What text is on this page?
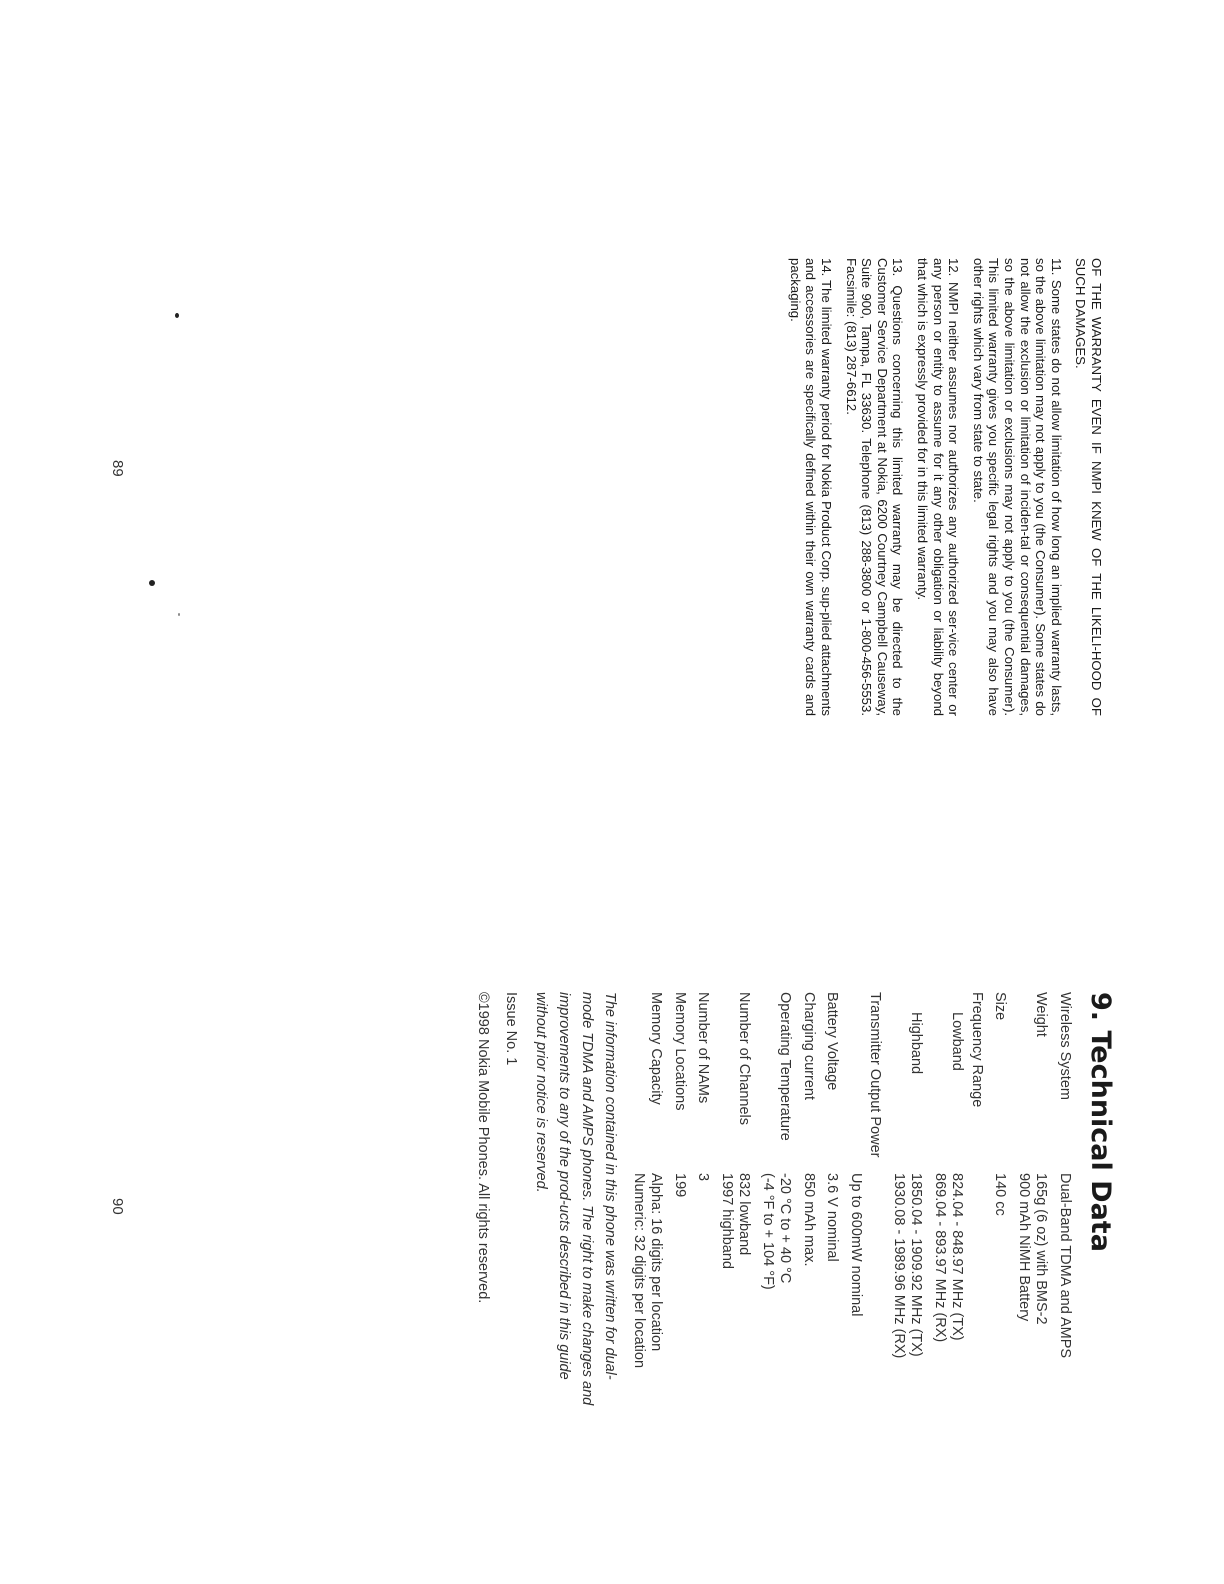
OF THE WARRANTY EVEN IF NMPI KNEW OF THE LIKELI-HOOD OF SUCH DAMAGES.

11. Some states do not allow limitation of how long an implied warranty lasts, so the above limitation may not apply to you (the Consumer). Some states do not allow the exclusion or limitation of inciden-tal or consequential damages, so the above limitation or exclusions may not apply to you (the Consumer). This limited warranty gives you specific legal rights and you may also have other rights which vary from state to state.

12. NMPI neither assumes nor authorizes any authorized ser-vice center or any person or entity to assume for it any other obligation or liability beyond that which is expressly provided for in this limited warranty.

13. Questions concerning this limited warranty may be directed to the Customer Service Department at Nokia, 6200 Courtney Campbell Causeway, Suite 900, Tampa, FL 33630. Telephone (813) 288-3800 or 1-800-456-5553. Facsimile: (813) 287-6612.

14. The limited warranty period for Nokia Product Corp. sup-plied attachments and accessories are specifically defined within their own warranty cards and packaging.

89
9. Technical Data
Wireless System
Dual-Band TDMA and AMPS
Weight
165g (6 oz) with BMS-2
900 mAh NiMH Battery
Size
140 cc
Frequency Range
Lowband
824.04 - 848.97 MHz (TX)
869.04 - 893.97 MHz (RX)
Highband
1850.04 - 1909.92 MHz (TX)
1930.08 - 1989.96 MHz (RX)
Transmitter Output Power
Up to 600mW nominal
Battery Voltage
3.6 V nominal
Charging current
850 mAh max.
Operating Temperature
-20 °C to + 40 °C
(-4 °F to + 104 °F)
Number of Channels
832 lowband
1997 highband
Number of NAMs
3
Memory Locations
199
Memory Capacity
Alpha: 16 digits per location
Numeric: 32 digits per location

The information contained in this phone was written for dual-mode TDMA and AMPS phones. The right to make changes and improvements to any of the prod-ucts described in this guide without prior notice is reserved.

Issue No. 1
©1998 Nokia Mobile Phones. All rights reserved.
90
